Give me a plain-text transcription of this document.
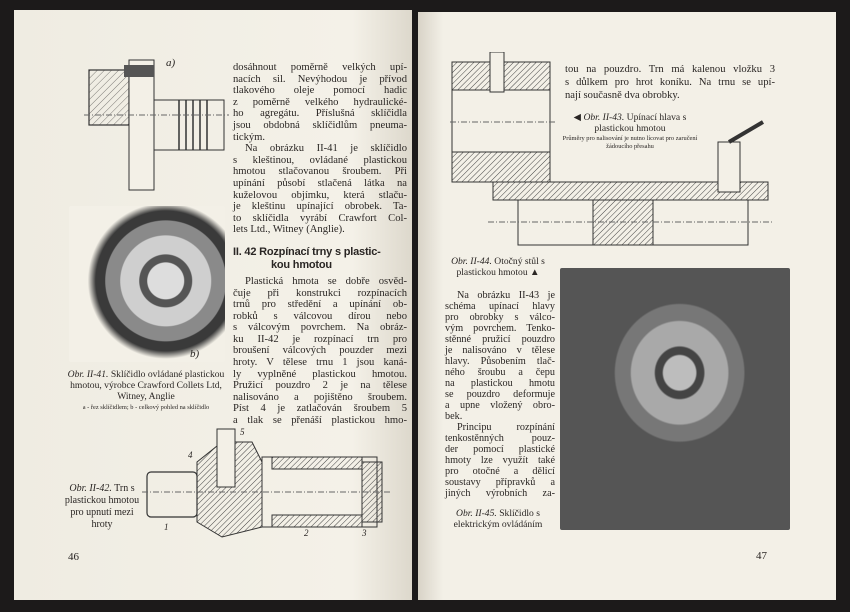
a)
b)
Obr. II-41. Sklíčidlo ovládané plastickou hmotou, výrobce Crawford Collets Ltd, Witney, Anglie
a - řez sklíčidlem; b - celkový pohled na sklíčidlo
dosáhnout poměrně velkých upí-
nacích sil. Nevýhodou je přívod
tlakového oleje pomocí hadic
z poměrně velkého hydraulické-
ho agregátu. Příslušná sklíčidla
jsou obdobná sklíčidlům pneuma-
tickým.
Na obrázku II-41 je sklíčidlo
s kleštinou, ovládané plastickou
hmotou stlačovanou šroubem. Při
upínání působí stlačená látka na
kuželovou objímku, která stlaču-
je kleštinu upínající obrobek. Ta-
to sklíčidla vyrábí Crawfort Col-
lets Ltd., Witney (Anglie).
II. 42 Rozpínací trny s plastic-
kou hmotou
Plastická hmota se dobře osvěd-
čuje při konstrukci rozpínacích
trnů pro středění a upínání ob-
robků s válcovou dírou nebo
s válcovým povrchem. Na obráz-
ku II-42 je rozpínací trn pro
broušení válcových pouzder mezi
hroty. V tělese trnu 1 jsou kaná-
ly vyplněné plastickou hmotou.
Pružicí pouzdro 2 je na tělese
nalisováno a pojištěno šroubem.
Píst 4 je zatlačován šroubem 5
a tlak se přenáší plastickou hmo-
4
5
1
2	3
Obr. II-42. Trn s plastickou hmotou pro upnutí mezi hroty
46
tou na pouzdro. Trn má kalenou vložku 3
s důlkem pro hrot koníku. Na trnu se upí-
nají současně dva obrobky.
◀ Obr. II-43. Upínací hlava s plastickou hmotou
Průměry pro nalisování je nutno lícovat pro zaručení žádoucího přesahu
Obr. II-44. Otočný stůl s plastickou hmotou ▲
Na obrázku II-43 je
schéma upínací hlavy
pro obrobky s válco-
vým povrchem. Tenko-
stěnné pružicí pouzdro
je nalisováno v tělese
hlavy. Působením tlač-
ného šroubu a čepu
na plastickou hmotu
se pouzdro deformuje
a upne vložený obro-
bek.
Principu rozpínání
tenkostěnných pouz-
der pomocí plastické
hmoty lze využít také
pro otočné a dělicí
soustavy přípravků a
jiných výrobních za-
Obr. II-45. Sklíčidlo s elektrickým ovládáním
47
